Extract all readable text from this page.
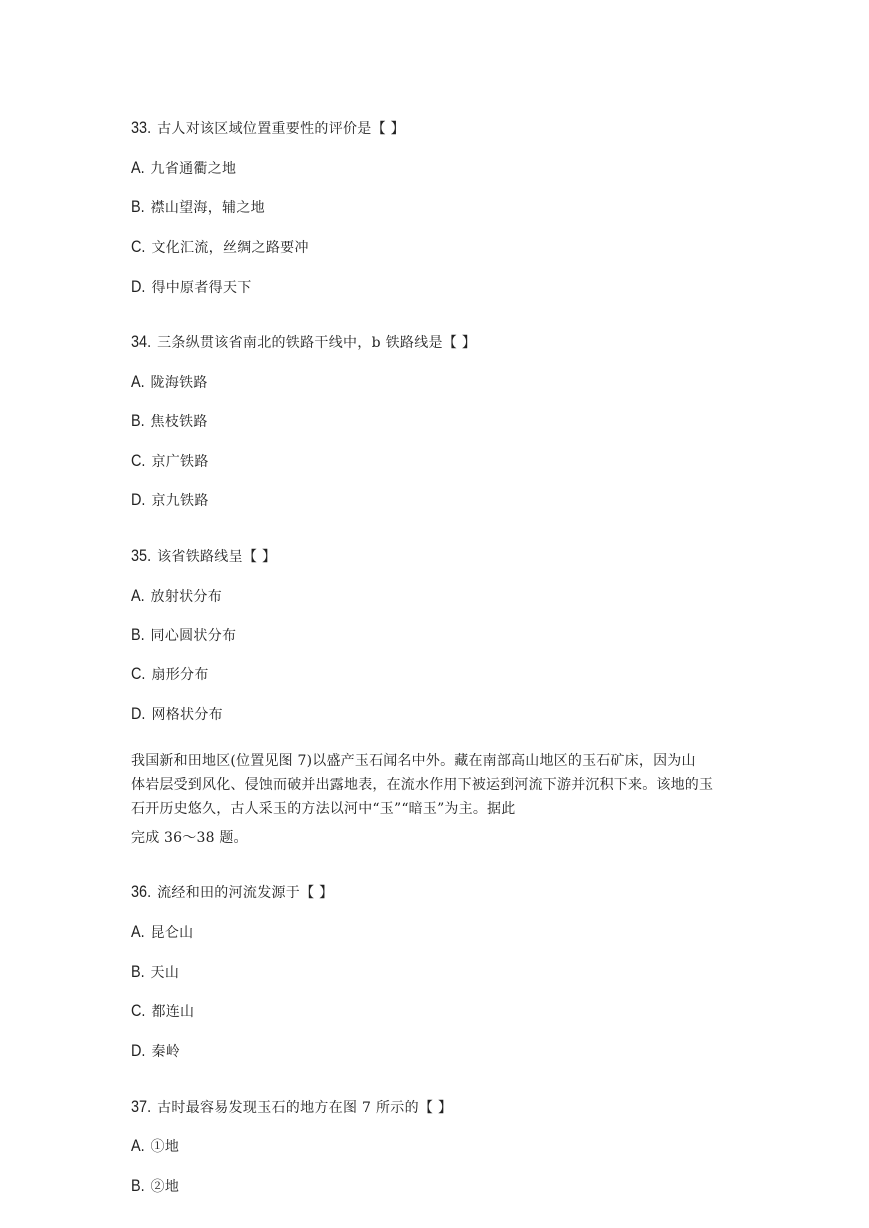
33. 古人对该区域位置重要性的评价是【 】
A. 九省通衢之地
B. 襟山望海，辅之地
C. 文化汇流，丝绸之路要冲
D. 得中原者得天下
34. 三条纵贯该省南北的铁路干线中，b 铁路线是【 】
A. 陇海铁路
B. 焦枝铁路
C. 京广铁路
D. 京九铁路
35. 该省铁路线呈【 】
A. 放射状分布
B. 同心圆状分布
C. 扇形分布
D. 网格状分布
我国新和田地区(位置见图 7)以盛产玉石闻名中外。藏在南部高山地区的玉石矿床，因为山
体岩层受到风化、侵蚀而破并出露地表，在流水作用下被运到河流下游并沉积下来。该地的玉
石开历史悠久，古人采玉的方法以河中“玉”“暗玉”为主。据此
完成 36～38 题。
36. 流经和田的河流发源于【 】
A. 昆仑山
B. 天山
C. 都连山
D. 秦岭
37. 古时最容易发现玉石的地方在图 7 所示的【 】
A. ①地
B. ②地
